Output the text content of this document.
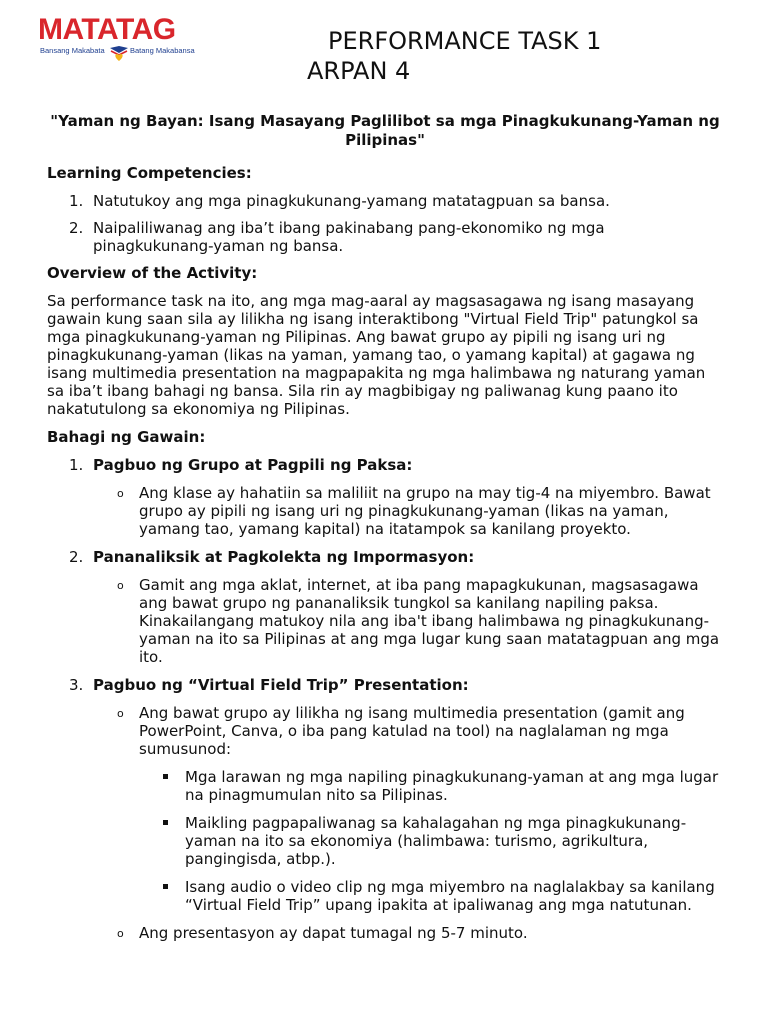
MATATAG
Bansang Makabata	Batang Makabansa	PERFORMANCE TASK 1
ARPAN 4
"Yaman ng Bayan: Isang Masayang Paglilibot sa mga Pinagkukunang-Yaman ng Pilipinas"
Learning Competencies:
1. Natutukoy ang mga pinagkukunang-yamang matatagpuan sa bansa.
2. Naipaliliwanag ang iba’t ibang pakinabang pang-ekonomiko ng mga pinagkukunang-yaman ng bansa.
Overview of the Activity:
Sa performance task na ito, ang mga mag-aaral ay magsasagawa ng isang masayang gawain kung saan sila ay lilikha ng isang interaktibong "Virtual Field Trip" patungkol sa mga pinagkukunang-yaman ng Pilipinas. Ang bawat grupo ay pipili ng isang uri ng pinagkukunang-yaman (likas na yaman, yamang tao, o yamang kapital) at gagawa ng isang multimedia presentation na magpapakita ng mga halimbawa ng naturang yaman sa iba’t ibang bahagi ng bansa. Sila rin ay magbibigay ng paliwanag kung paano ito nakatutulong sa ekonomiya ng Pilipinas.
Bahagi ng Gawain:
1. Pagbuo ng Grupo at Pagpili ng Paksa:
o Ang klase ay hahatiin sa maliliit na grupo na may tig-4 na miyembro. Bawat grupo ay pipili ng isang uri ng pinagkukunang-yaman (likas na yaman, yamang tao, yamang kapital) na itatampok sa kanilang proyekto.
2. Pananaliksik at Pagkolekta ng Impormasyon:
o Gamit ang mga aklat, internet, at iba pang mapagkukunan, magsasagawa ang bawat grupo ng pananaliksik tungkol sa kanilang napiling paksa. Kinakailangang matukoy nila ang iba't ibang halimbawa ng pinagkukunang-yaman na ito sa Pilipinas at ang mga lugar kung saan matatagpuan ang mga ito.
3. Pagbuo ng “Virtual Field Trip” Presentation:
o Ang bawat grupo ay lilikha ng isang multimedia presentation (gamit ang PowerPoint, Canva, o iba pang katulad na tool) na naglalaman ng mga sumusunod:
Mga larawan ng mga napiling pinagkukunang-yaman at ang mga lugar na pinagmumulan nito sa Pilipinas.
Maikling pagpapaliwanag sa kahalagahan ng mga pinagkukunang-yaman na ito sa ekonomiya (halimbawa: turismo, agrikultura, pangingisda, atbp.).
Isang audio o video clip ng mga miyembro na naglalakbay sa kanilang “Virtual Field Trip” upang ipakita at ipaliwanag ang mga natutunan.
o Ang presentasyon ay dapat tumagal ng 5-7 minuto.
